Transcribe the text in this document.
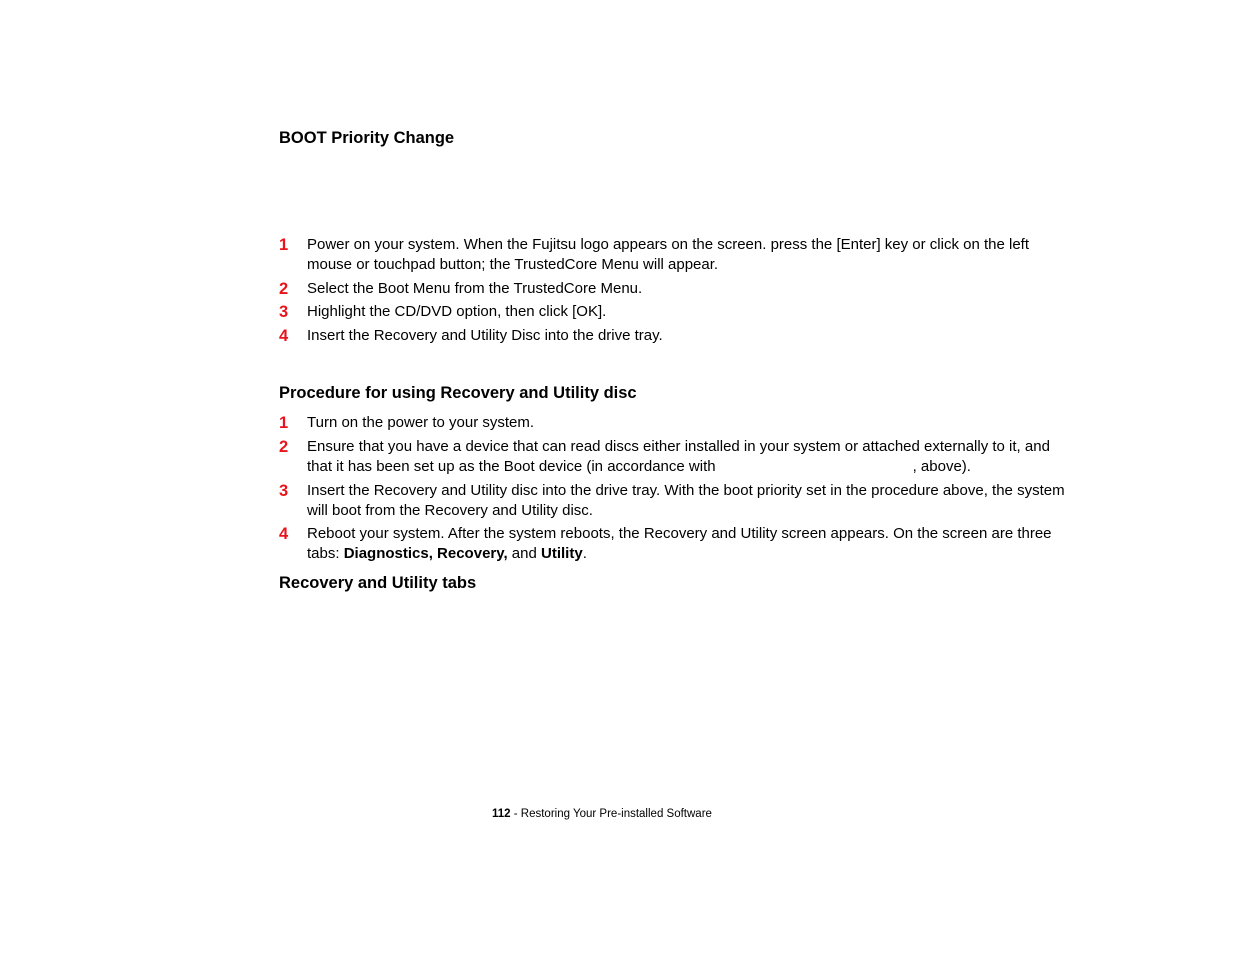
BOOT Priority Change
1 Power on your system. When the Fujitsu logo appears on the screen. press the [Enter] key or click on the left mouse or touchpad button; the TrustedCore Menu will appear.
2 Select the Boot Menu from the TrustedCore Menu.
3 Highlight the CD/DVD option, then click [OK].
4 Insert the Recovery and Utility Disc into the drive tray.
Procedure for using Recovery and Utility disc
1 Turn on the power to your system.
2 Ensure that you have a device that can read discs either installed in your system or attached externally to it, and that it has been set up as the Boot device (in accordance with	, above).
3 Insert the Recovery and Utility disc into the drive tray. With the boot priority set in the procedure above, the system will boot from the Recovery and Utility disc.
4 Reboot your system. After the system reboots, the Recovery and Utility screen appears. On the screen are three tabs: Diagnostics, Recovery, and Utility.
Recovery and Utility tabs
112 - Restoring Your Pre-installed Software
